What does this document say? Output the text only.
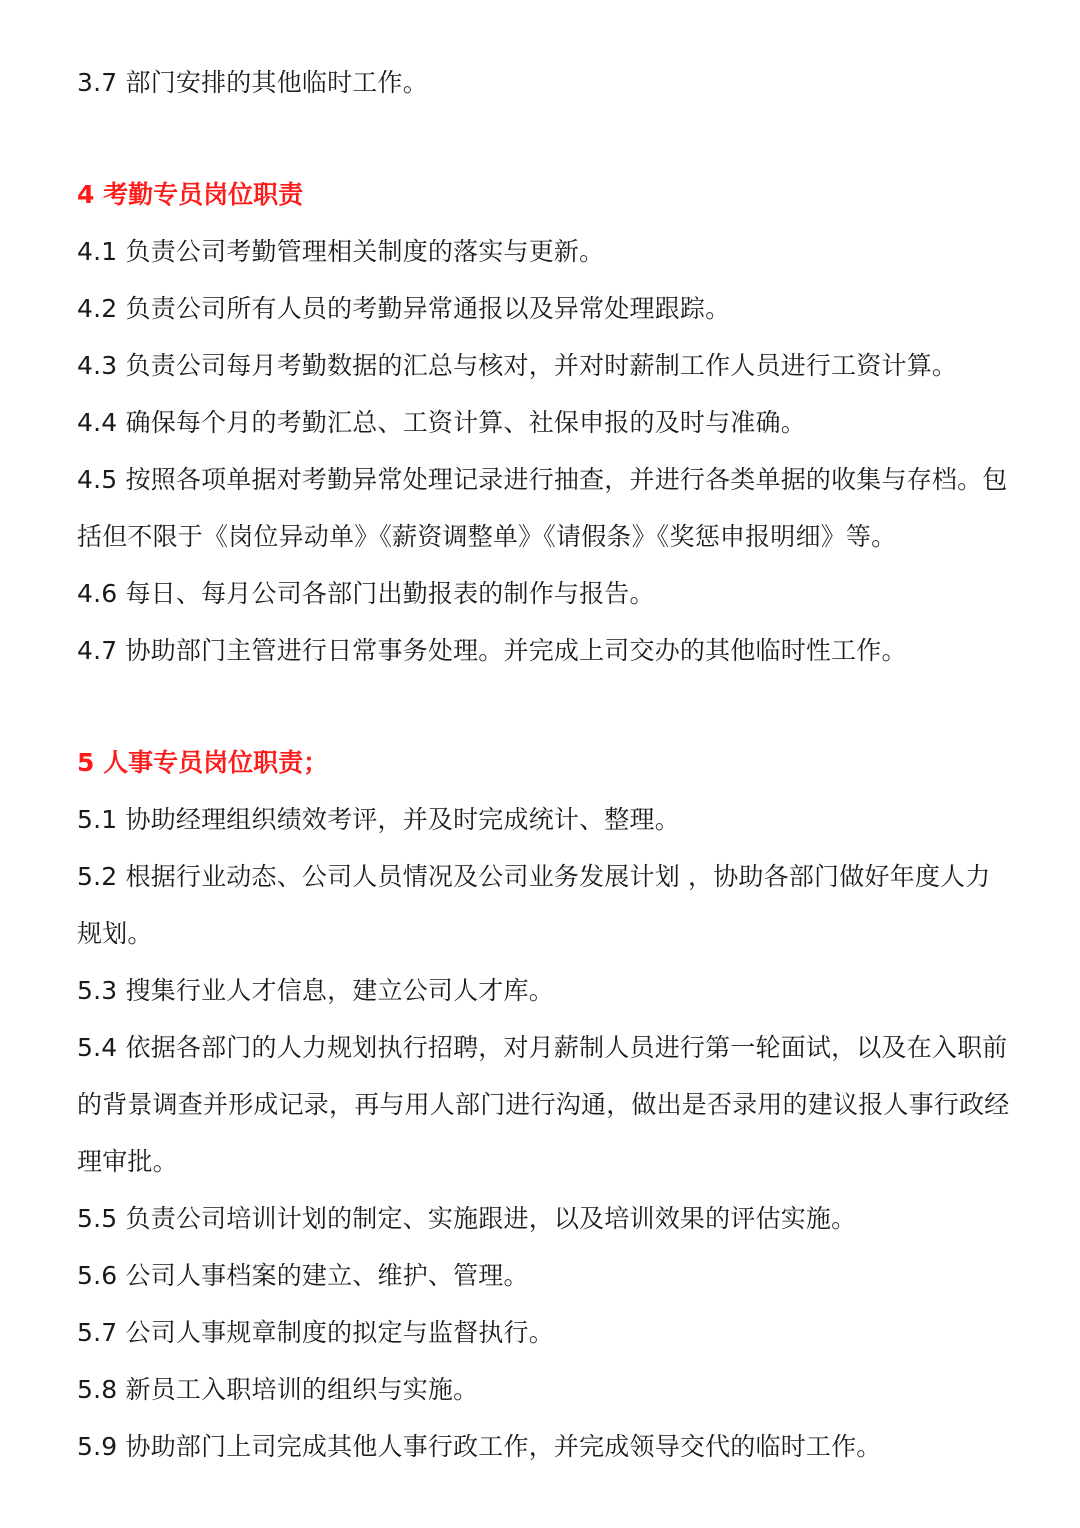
3.7 部门安排的其他临时工作。
4 考勤专员岗位职责
4.1 负责公司考勤管理相关制度的落实与更新。
4.2 负责公司所有人员的考勤异常通报以及异常处理跟踪。
4.3 负责公司每月考勤数据的汇总与核对，并对时薪制工作人员进行工资计算。
4.4 确保每个月的考勤汇总、工资计算、社保申报的及时与准确。
4.5 按照各项单据对考勤异常处理记录进行抽查，并进行各类单据的收集与存档。包括但不限于《岗位异动单》《薪资调整单》《请假条》《奖惩申报明细》等。
4.6 每日、每月公司各部门出勤报表的制作与报告。
4.7 协助部门主管进行日常事务处理。并完成上司交办的其他临时性工作。
5 人事专员岗位职责；
5.1 协助经理组织绩效考评，并及时完成统计、整理。
5.2 根据行业动态、公司人员情况及公司业务发展计划 ，协助各部门做好年度人力规划。
5.3 搜集行业人才信息，建立公司人才库。
5.4 依据各部门的人力规划执行招聘，对月薪制人员进行第一轮面试，以及在入职前的背景调查并形成记录，再与用人部门进行沟通，做出是否录用的建议报人事行政经理审批。
5.5 负责公司培训计划的制定、实施跟进，以及培训效果的评估实施。
5.6 公司人事档案的建立、维护、管理。
5.7 公司人事规章制度的拟定与监督执行。
5.8 新员工入职培训的组织与实施。
5.9 协助部门上司完成其他人事行政工作，并完成领导交代的临时工作。
